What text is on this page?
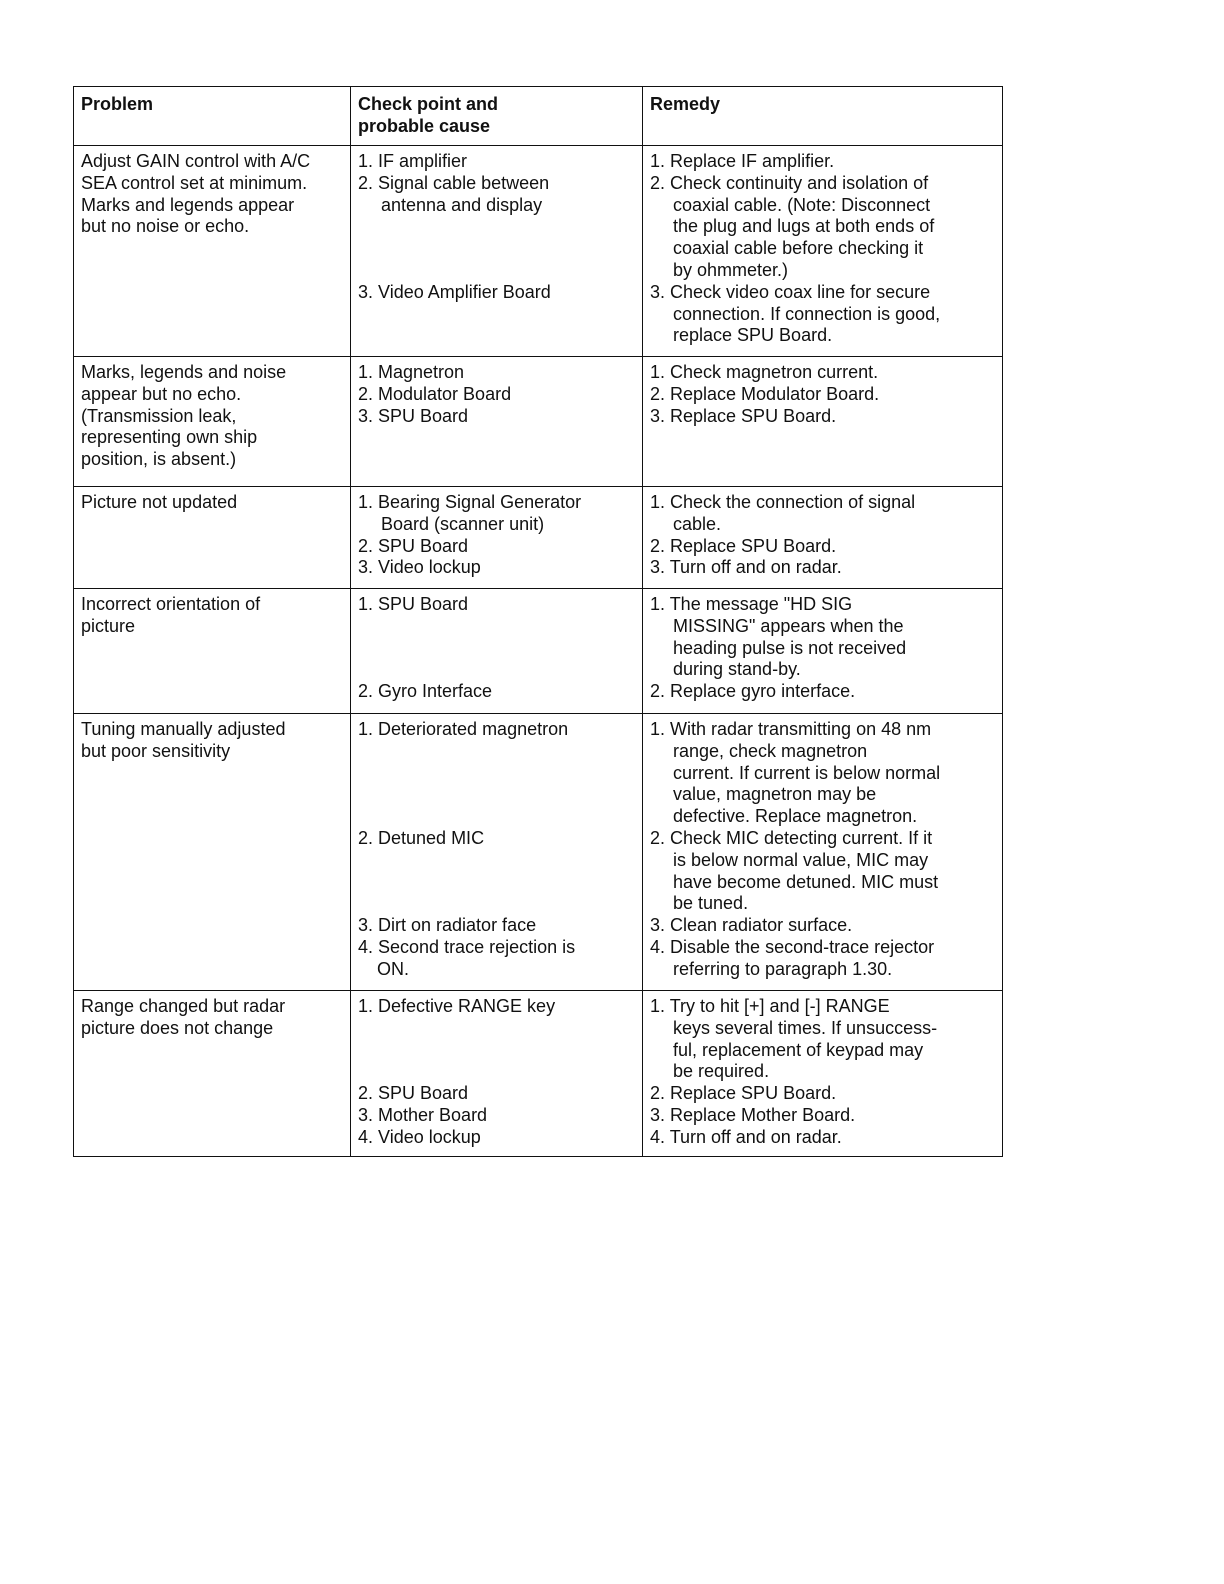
Problem	Check point and
probable cause
Remedy
Adjust GAIN control with A/C
SEA control set at minimum.
Marks and legends appear
but no noise or echo.
1. IF amplifier
2. Signal cable between
antenna and display
3. Video Amplifier Board
1. Replace IF amplifier.
2. Check continuity and isolation of
coaxial cable. (Note: Disconnect
the plug and lugs at both ends of
coaxial cable before checking it
by ohmmeter.)
3. Check video coax line for secure
connection. If connection is good,
replace SPU Board.
Marks, legends and noise
appear but no echo.
(Transmission leak,
representing own ship
position, is absent.)
1. Magnetron
2. Modulator Board
3. SPU Board
1. Check magnetron current.
2. Replace Modulator Board.
3. Replace SPU Board.
Picture not updated	1. Bearing Signal Generator
Board (scanner unit)
2. SPU Board
3. Video lockup
1. Check the connection of signal
cable.
2. Replace SPU Board.
3. Turn off and on radar.
Incorrect orientation of
picture
1. SPU Board
2. Gyro Interface
1. The message "HD SIG
MISSING" appears when the
heading pulse is not received
during stand-by.
2. Replace gyro interface.
Tuning manually adjusted
but poor sensitivity
1. Deteriorated magnetron
2. Detuned MIC
3. Dirt on radiator face
4. Second trace rejection is
ON.
1. With radar transmitting on 48 nm
range, check magnetron
current. If current is below normal
value, magnetron may be
defective. Replace magnetron.
2. Check MIC detecting current. If it
is below normal value, MIC may
have become detuned. MIC must
be tuned.
3. Clean radiator surface.
4. Disable the second-trace rejector
referring to paragraph 1.30.
Range changed but radar
picture does not change
1. Defective RANGE key
2. SPU Board
3. Mother Board
4. Video lockup
1. Try to hit [+] and [-] RANGE
keys several times. If unsuccess-
ful, replacement of keypad may
be required.
2. Replace SPU Board.
3. Replace Mother Board.
4. Turn off and on radar.
